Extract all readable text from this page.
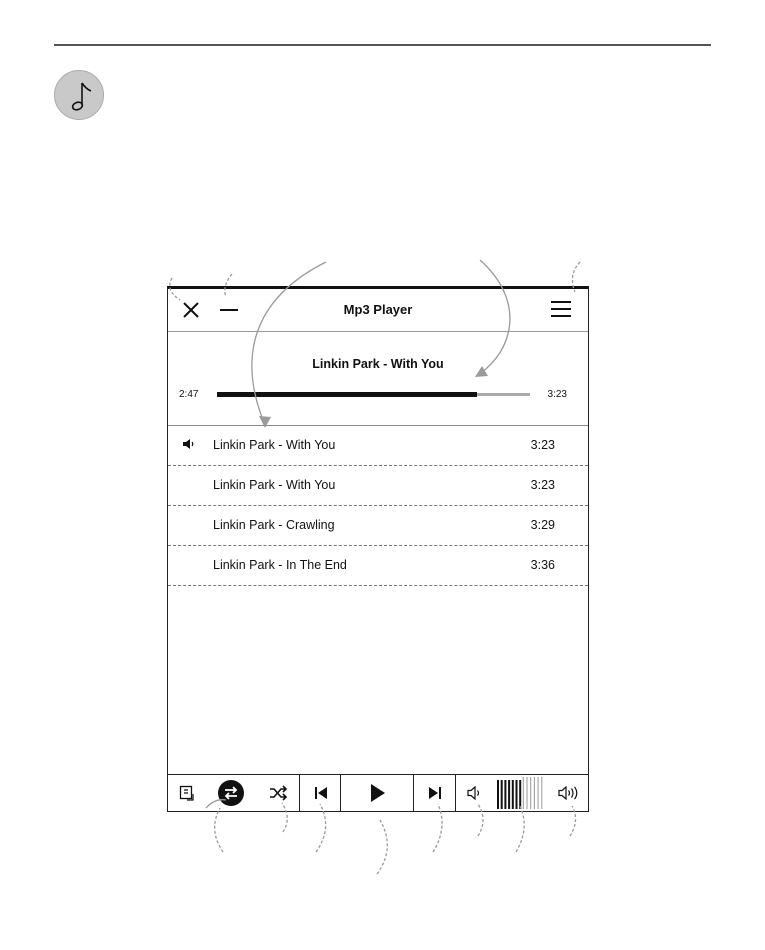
Mp3 Player
Linkin Park - With You
2:47	3:23
Linkin Park - With You	3:23
Linkin Park - With You	3:23
Linkin Park - Crawling	3:29
Linkin Park - In The End	3:36
